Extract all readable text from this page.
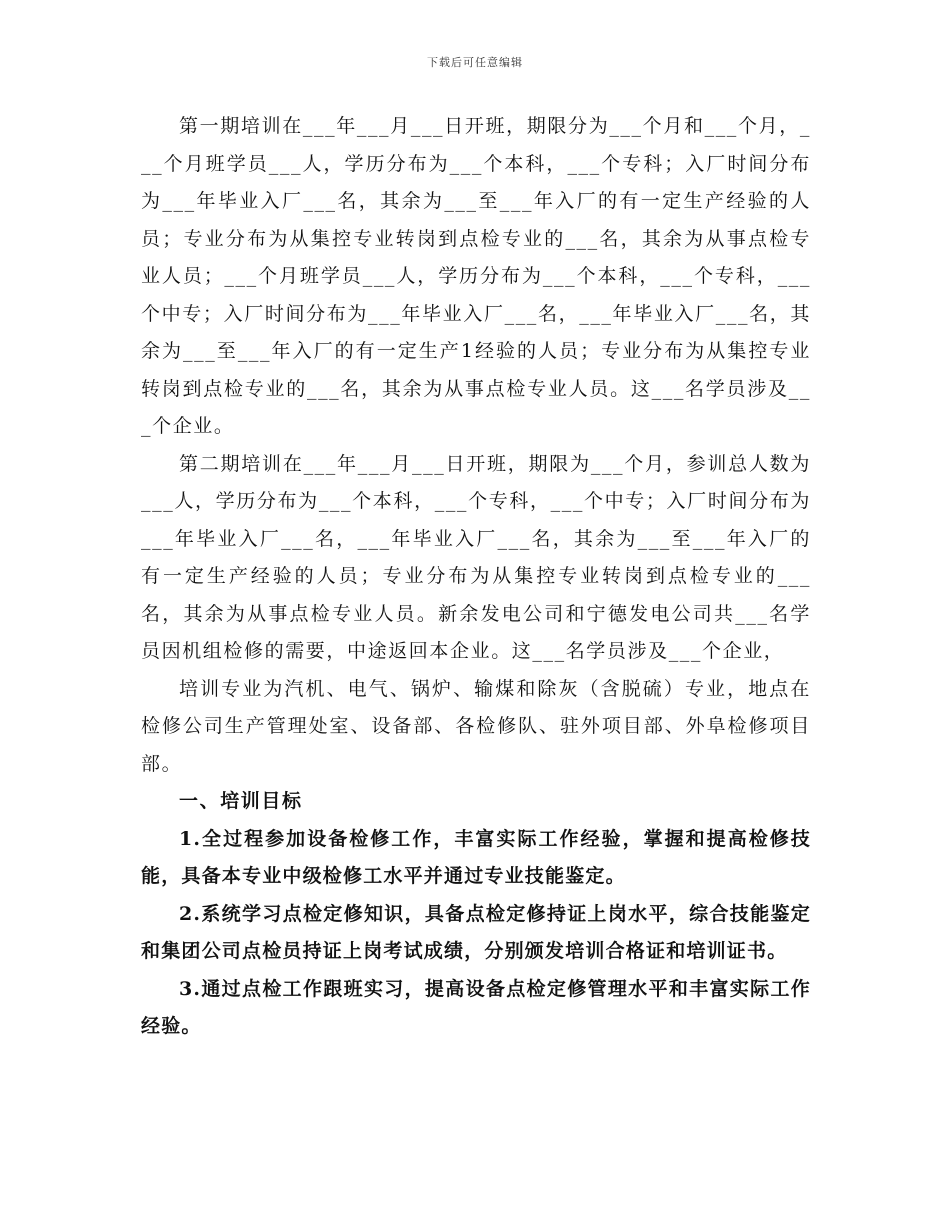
下载后可任意编辑

第一期培训在___年___月___日开班，期限分为___个月和___个月，___个月班学员___人，学历分布为___个本科，___个专科；入厂时间分布为___年毕业入厂___名，其余为___至___年入厂的有一定生产经验的人员；专业分布为从集控专业转岗到点检专业的___名，其余为从事点检专业人员；___个月班学员___人，学历分布为___个本科，___个专科，___个中专；入厂时间分布为___年毕业入厂___名，___年毕业入厂___名，其余为___至___年入厂的有一定生产1经验的人员；专业分布为从集控专业转岗到点检专业的___名，其余为从事点检专业人员。这___名学员涉及___个企业。

第二期培训在___年___月___日开班，期限为___个月，参训总人数为___人，学历分布为___个本科，___个专科，___个中专；入厂时间分布为___年毕业入厂___名，___年毕业入厂___名，其余为___至___年入厂的有一定生产经验的人员；专业分布为从集控专业转岗到点检专业的___名，其余为从事点检专业人员。新余发电公司和宁德发电公司共___名学员因机组检修的需要，中途返回本企业。这___名学员涉及___个企业，

培训专业为汽机、电气、锅炉、输煤和除灰（含脱硫）专业，地点在检修公司生产管理处室、设备部、各检修队、驻外项目部、外阜检修项目部。

一、培训目标

1.全过程参加设备检修工作，丰富实际工作经验，掌握和提高检修技能，具备本专业中级检修工水平并通过专业技能鉴定。

2.系统学习点检定修知识，具备点检定修持证上岗水平，综合技能鉴定和集团公司点检员持证上岗考试成绩，分别颁发培训合格证和培训证书。

3.通过点检工作跟班实习，提高设备点检定修管理水平和丰富实际工作经验。
